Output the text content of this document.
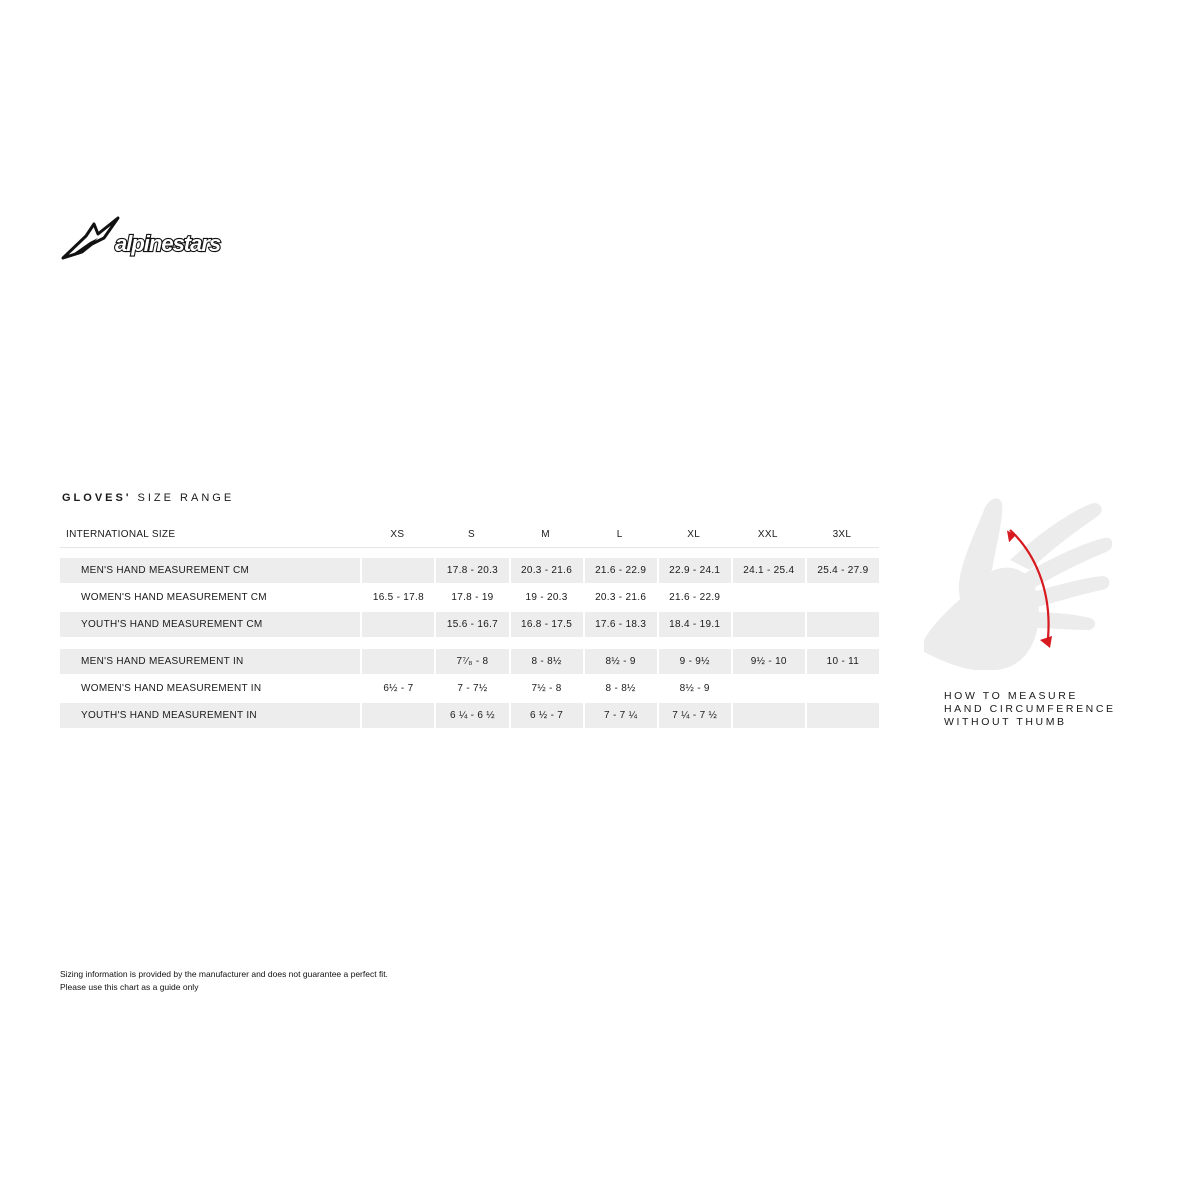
alpinestars
GLOVES' SIZE RANGE
INTERNATIONAL SIZE	XS	S	M	L	XL	XXL	3XL

MEN'S HAND MEASUREMENT CM		17.8 - 20.3	20.3 - 21.6	21.6 - 22.9	22.9 - 24.1	24.1 - 25.4	25.4 - 27.9
WOMEN'S HAND MEASUREMENT CM	16.5 - 17.8	17.8 - 19	19 - 20.3	20.3 - 21.6	21.6 - 22.9		
YOUTH'S HAND MEASUREMENT CM		15.6 - 16.7	16.8 - 17.5	17.6 - 18.3	18.4 - 19.1		

MEN'S HAND MEASUREMENT IN		7⁷⁄₈ - 8	8 - 8½	8½ - 9	9 - 9½	9½ - 10	10 - 11
WOMEN'S HAND MEASUREMENT IN	6½ - 7	7 - 7½	7½ - 8	8 - 8½	8½ - 9		
YOUTH'S HAND MEASUREMENT IN		6 ¼ - 6 ½	6 ½ - 7	7 - 7 ¼	7 ¼ - 7 ½		
HOW TO MEASURE
HAND CIRCUMFERENCE
WITHOUT THUMB
Sizing information is provided by the manufacturer and does not guarantee a perfect fit.
Please use this chart as a guide only
